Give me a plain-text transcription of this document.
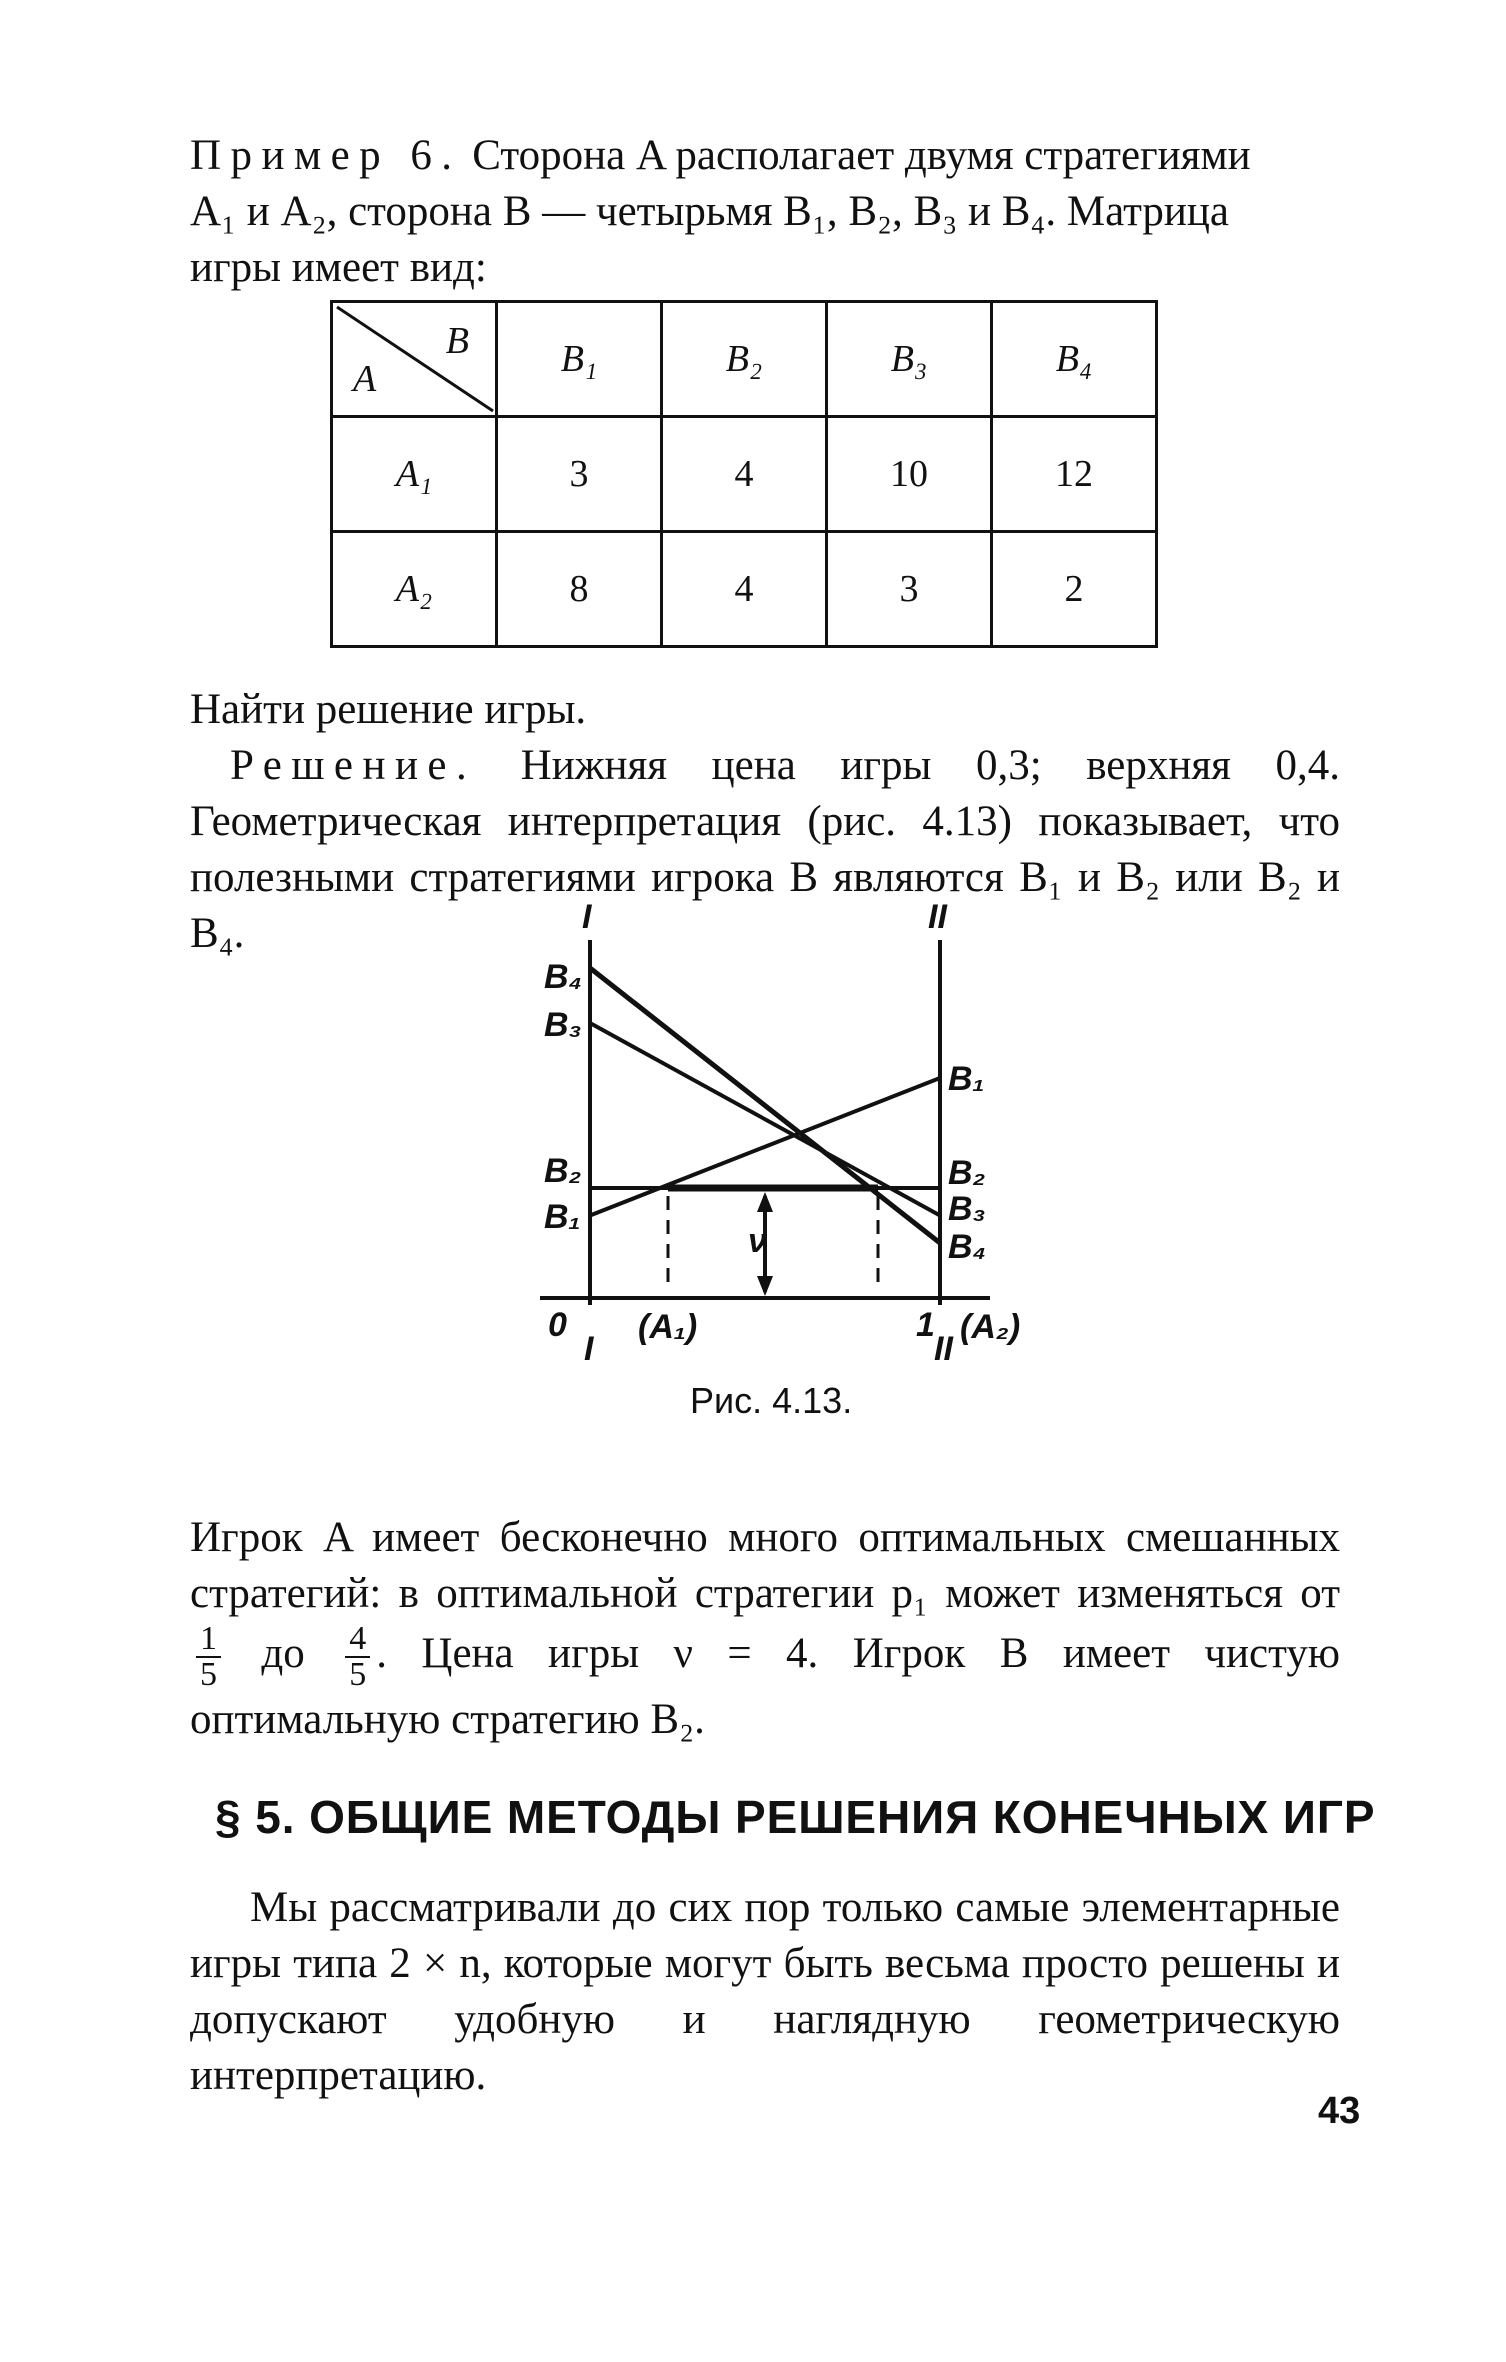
Пример 6. Сторона A располагает двумя стратегиями
A₁ и A₂, сторона B — четырьмя B₁, B₂, B₃ и B₄. Матрица
игры имеет вид:
B
A	B₁	B₂	B₃	B₄
A₁	3	4	10	12
A₂	8	4	3	2
Найти решение игры.
Решение. Нижняя цена игры 0,3; верхняя 0,4. Геометрическая интерпретация (рис. 4.13) показывает, что полезными стратегиями игрока B являются B₁ и B₂ или B₂ и B₄.	I	II
B₄
B₃
B₂
B₁
B₁
B₂
B₃
B₄
0
I
(A₁)	1
II
(A₂)
ν
Рис. 4.13.
Игрок A имеет бесконечно много оптимальных смешанных стратегий: в оптимальной стратегии p₁ может изменяться от
$\frac{1}{5}$ до $\frac{4}{5}$ . Цена игры ν = 4. Игрок B имеет чистую оптимальную стратегию B₂.
§ 5. ОБЩИЕ МЕТОДЫ РЕШЕНИЯ КОНЕЧНЫХ ИГР
Мы рассматривали до сих пор только самые элементарные игры типа 2 × n, которые могут быть весьма просто решены и допускают удобную и наглядную геометрическую интерпретацию.
43
